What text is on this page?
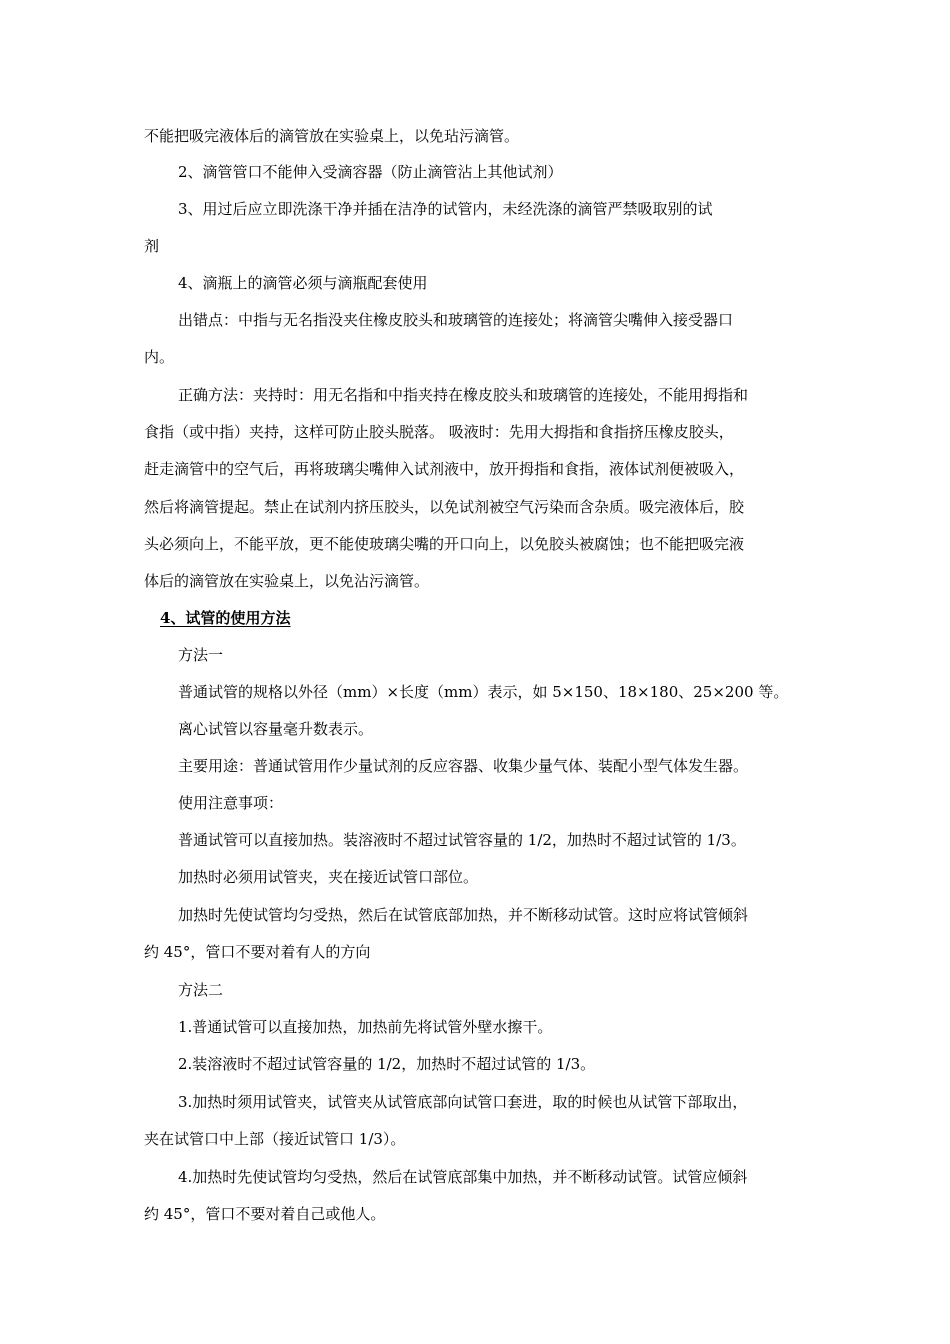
不能把吸完液体后的滴管放在实验桌上，以免玷污滴管。
2、滴管管口不能伸入受滴容器（防止滴管沾上其他试剂）
3、用过后应立即洗涤干净并插在洁净的试管内，未经洗涤的滴管严禁吸取别的试
剂
4、滴瓶上的滴管必须与滴瓶配套使用
出错点：中指与无名指没夹住橡皮胶头和玻璃管的连接处；将滴管尖嘴伸入接受器口
内。
正确方法：夹持时：用无名指和中指夹持在橡皮胶头和玻璃管的连接处，不能用拇指和
食指（或中指）夹持，这样可防止胶头脱落。 吸液时：先用大拇指和食指挤压橡皮胶头，
赶走滴管中的空气后，再将玻璃尖嘴伸入试剂液中，放开拇指和食指，液体试剂便被吸入，
然后将滴管提起。禁止在试剂内挤压胶头，以免试剂被空气污染而含杂质。吸完液体后，胶
头必须向上，不能平放，更不能使玻璃尖嘴的开口向上，以免胶头被腐蚀；也不能把吸完液
体后的滴管放在实验桌上，以免沾污滴管。
4、试管的使用方法
方法一
普通试管的规格以外径（mm）×长度（mm）表示，如 5×150、18×180、25×200 等。
离心试管以容量毫升数表示。
主要用途：普通试管用作少量试剂的反应容器、收集少量气体、装配小型气体发生器。
使用注意事项：
普通试管可以直接加热。装溶液时不超过试管容量的 1/2，加热时不超过试管的 1/3。
加热时必须用试管夹，夹在接近试管口部位。
加热时先使试管均匀受热，然后在试管底部加热，并不断移动试管。这时应将试管倾斜
约 45°，管口不要对着有人的方向
方法二
1.普通试管可以直接加热，加热前先将试管外壁水擦干。
2.装溶液时不超过试管容量的 1/2，加热时不超过试管的 1/3。
3.加热时须用试管夹，试管夹从试管底部向试管口套进，取的时候也从试管下部取出，
夹在试管口中上部（接近试管口 1/3）。
4.加热时先使试管均匀受热，然后在试管底部集中加热，并不断移动试管。试管应倾斜
约 45°，管口不要对着自己或他人。
